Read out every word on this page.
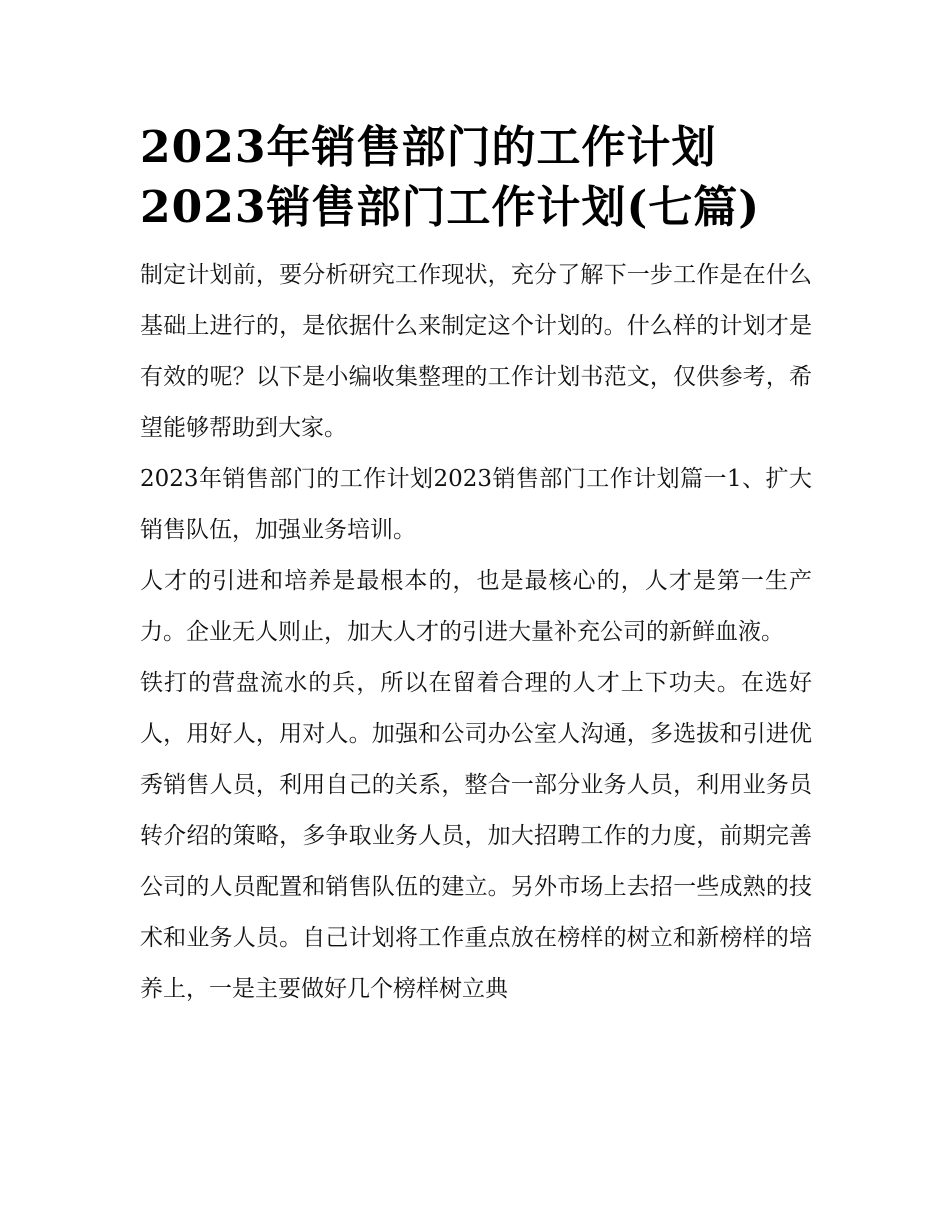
2023年销售部门的工作计划
2023销售部门工作计划(七篇)

制定计划前，要分析研究工作现状，充分了解下一步工作是在什么基础上进行的，是依据什么来制定这个计划的。什么样的计划才是有效的呢？以下是小编收集整理的工作计划书范文，仅供参考，希望能够帮助到大家。

2023年销售部门的工作计划2023销售部门工作计划篇一1、扩大销售队伍，加强业务培训。

人才的引进和培养是最根本的，也是最核心的，人才是第一生产力。企业无人则止，加大人才的引进大量补充公司的新鲜血液。

铁打的营盘流水的兵，所以在留着合理的人才上下功夫。在选好人，用好人，用对人。加强和公司办公室人沟通，多选拔和引进优秀销售人员，利用自己的关系，整合一部分业务人员，利用业务员转介绍的策略，多争取业务人员，加大招聘工作的力度，前期完善公司的人员配置和销售队伍的建立。另外市场上去招一些成熟的技术和业务人员。自己计划将工作重点放在榜样的树立和新榜样的培养上，一是主要做好几个榜样树立典
